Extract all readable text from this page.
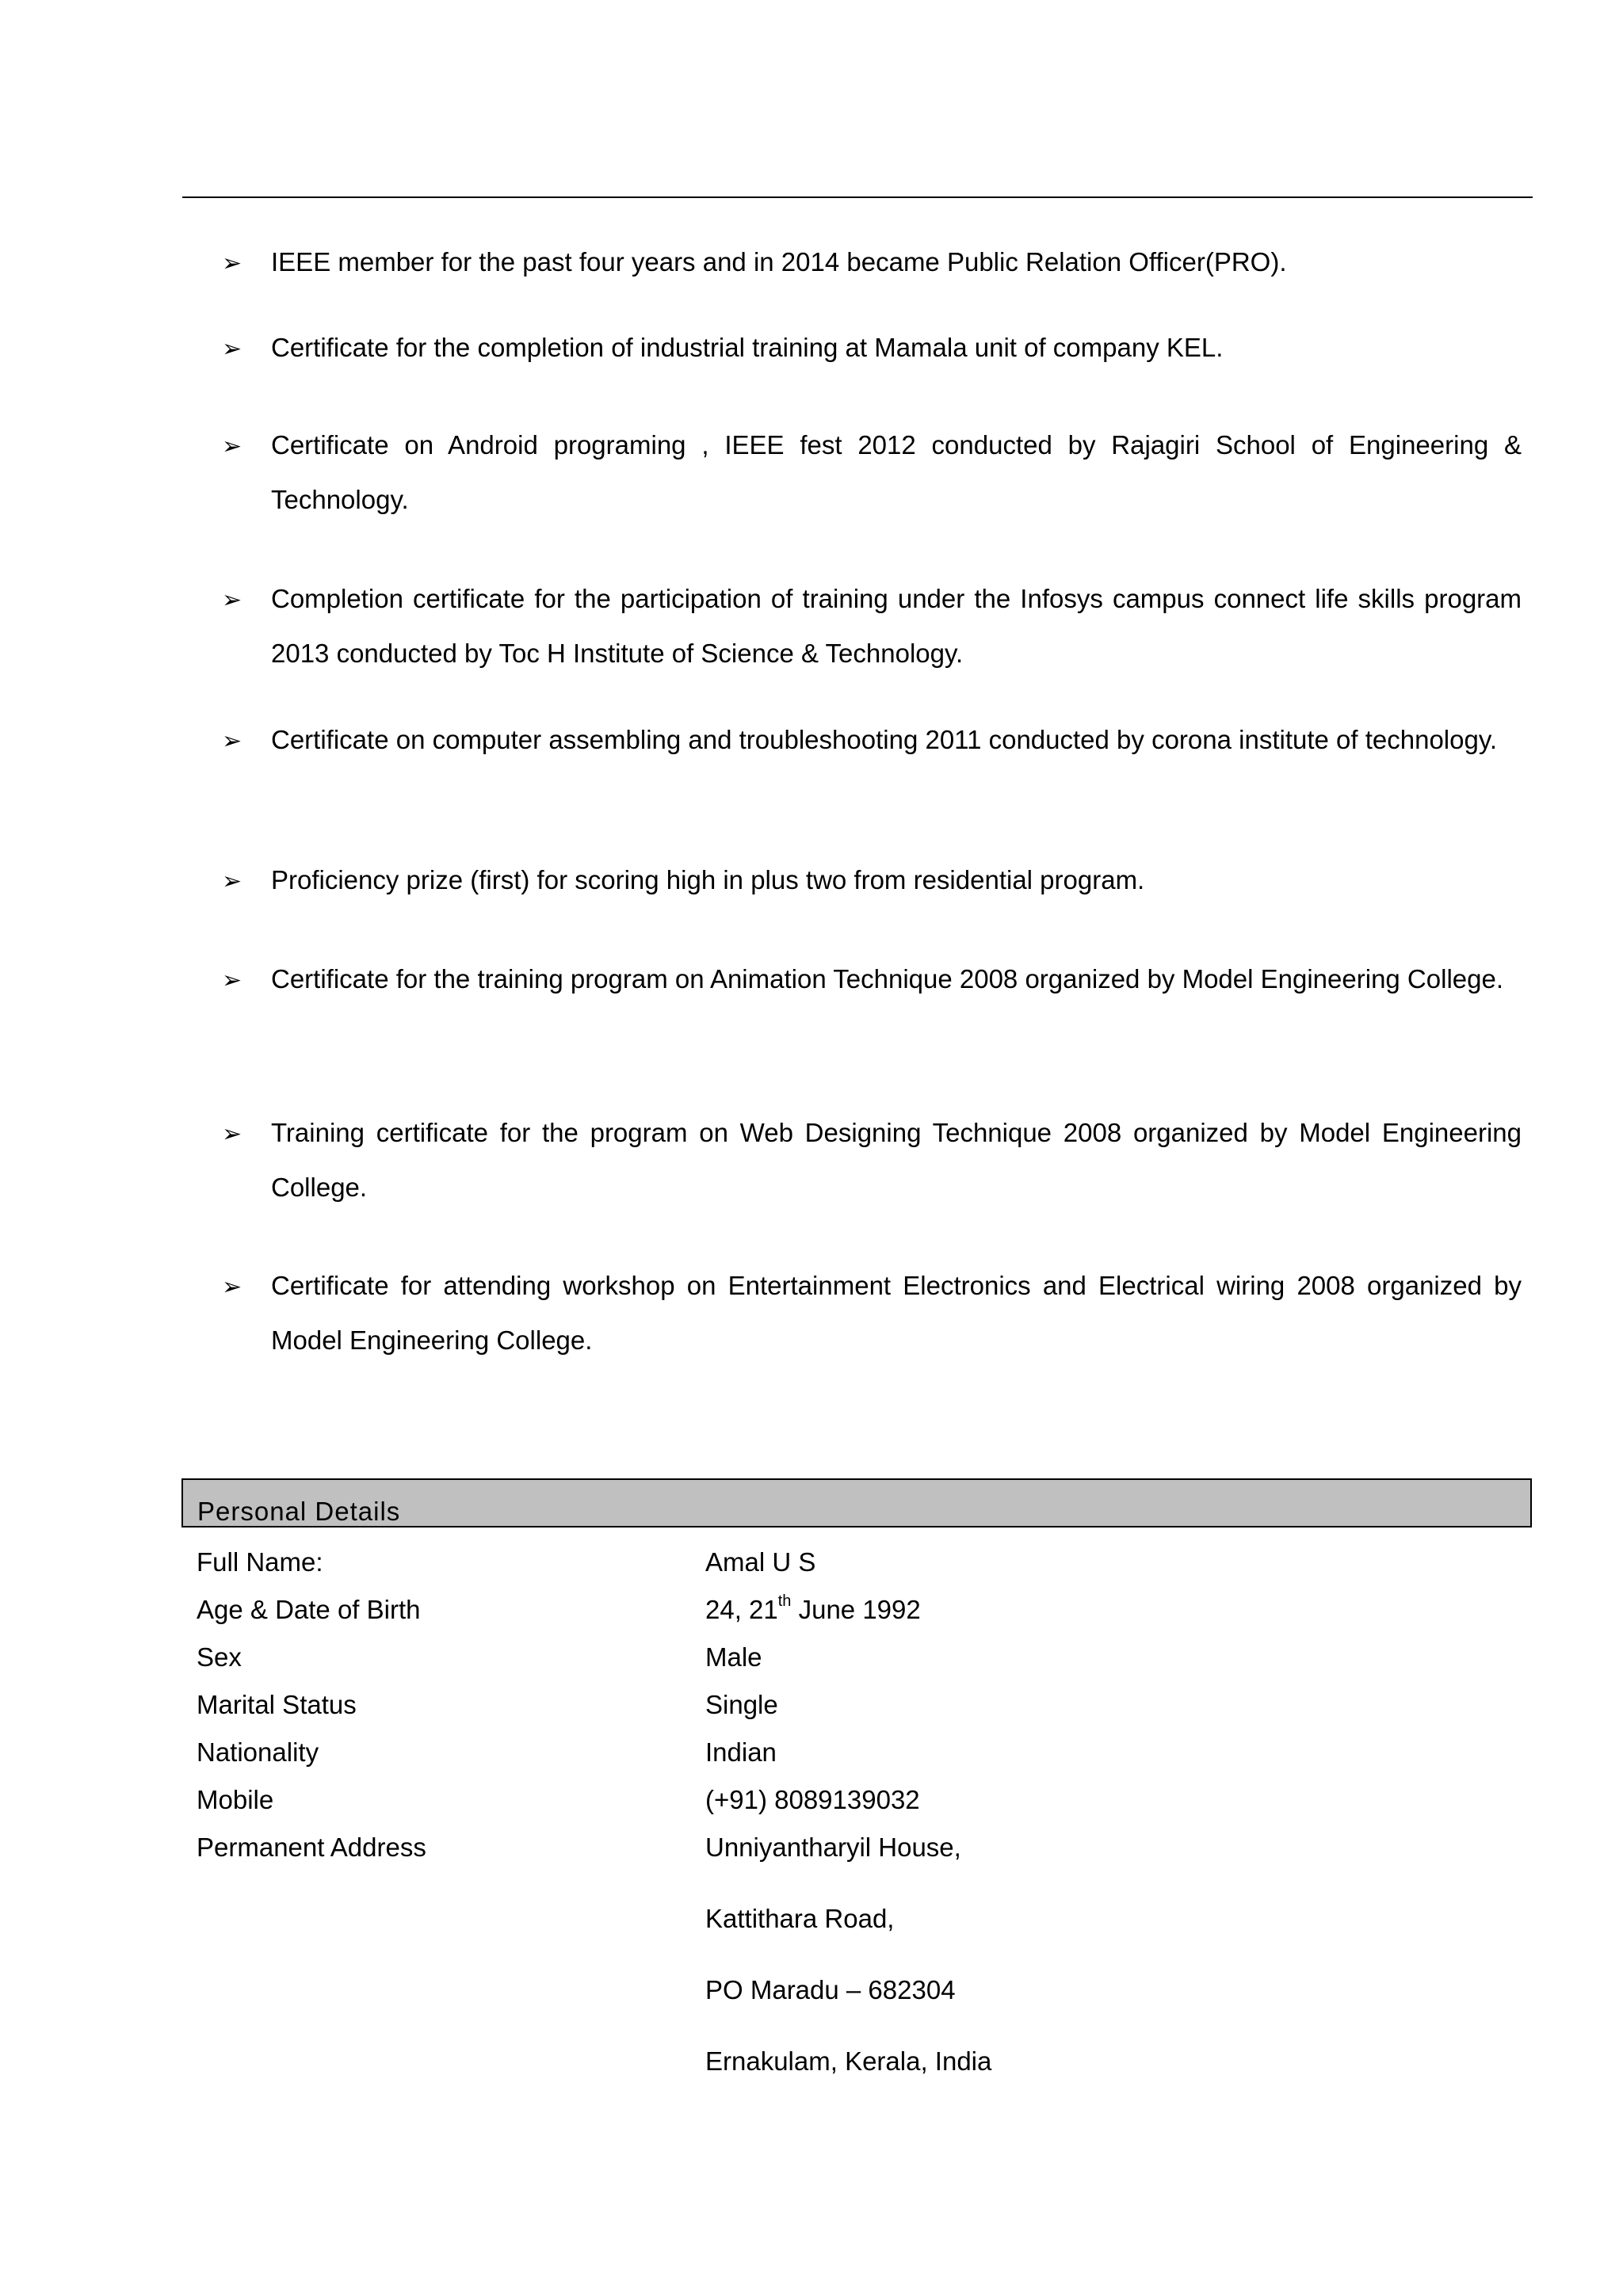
➢ IEEE member for the past four years and in 2014 became Public Relation Officer(PRO).
➢ Certificate for the completion of industrial training at Mamala unit of company KEL.
➢ Certificate on Android programing , IEEE fest 2012 conducted by Rajagiri School of Engineering & Technology.
➢ Completion certificate for the participation of training under the Infosys campus connect life skills program 2013 conducted by Toc H Institute of Science & Technology.
➢ Certificate on computer assembling and troubleshooting 2011 conducted by corona institute of technology.
➢ Proficiency prize (first) for scoring high in plus two from residential program.
➢ Certificate for the training program on Animation Technique 2008 organized by Model Engineering College.
➢ Training certificate for the program on Web Designing Technique 2008 organized by Model Engineering College.
➢ Certificate for attending workshop on Entertainment Electronics and Electrical wiring 2008 organized by Model Engineering College.
Personal Details
Full Name:	Amal U S
Age & Date of Birth	24, 21th June 1992
Sex	Male
Marital Status	Single
Nationality	Indian
Mobile	(+91) 8089139032
Permanent Address	Unniyantharyil House,
Kattithara Road,
PO Maradu – 682304
Ernakulam, Kerala, India
